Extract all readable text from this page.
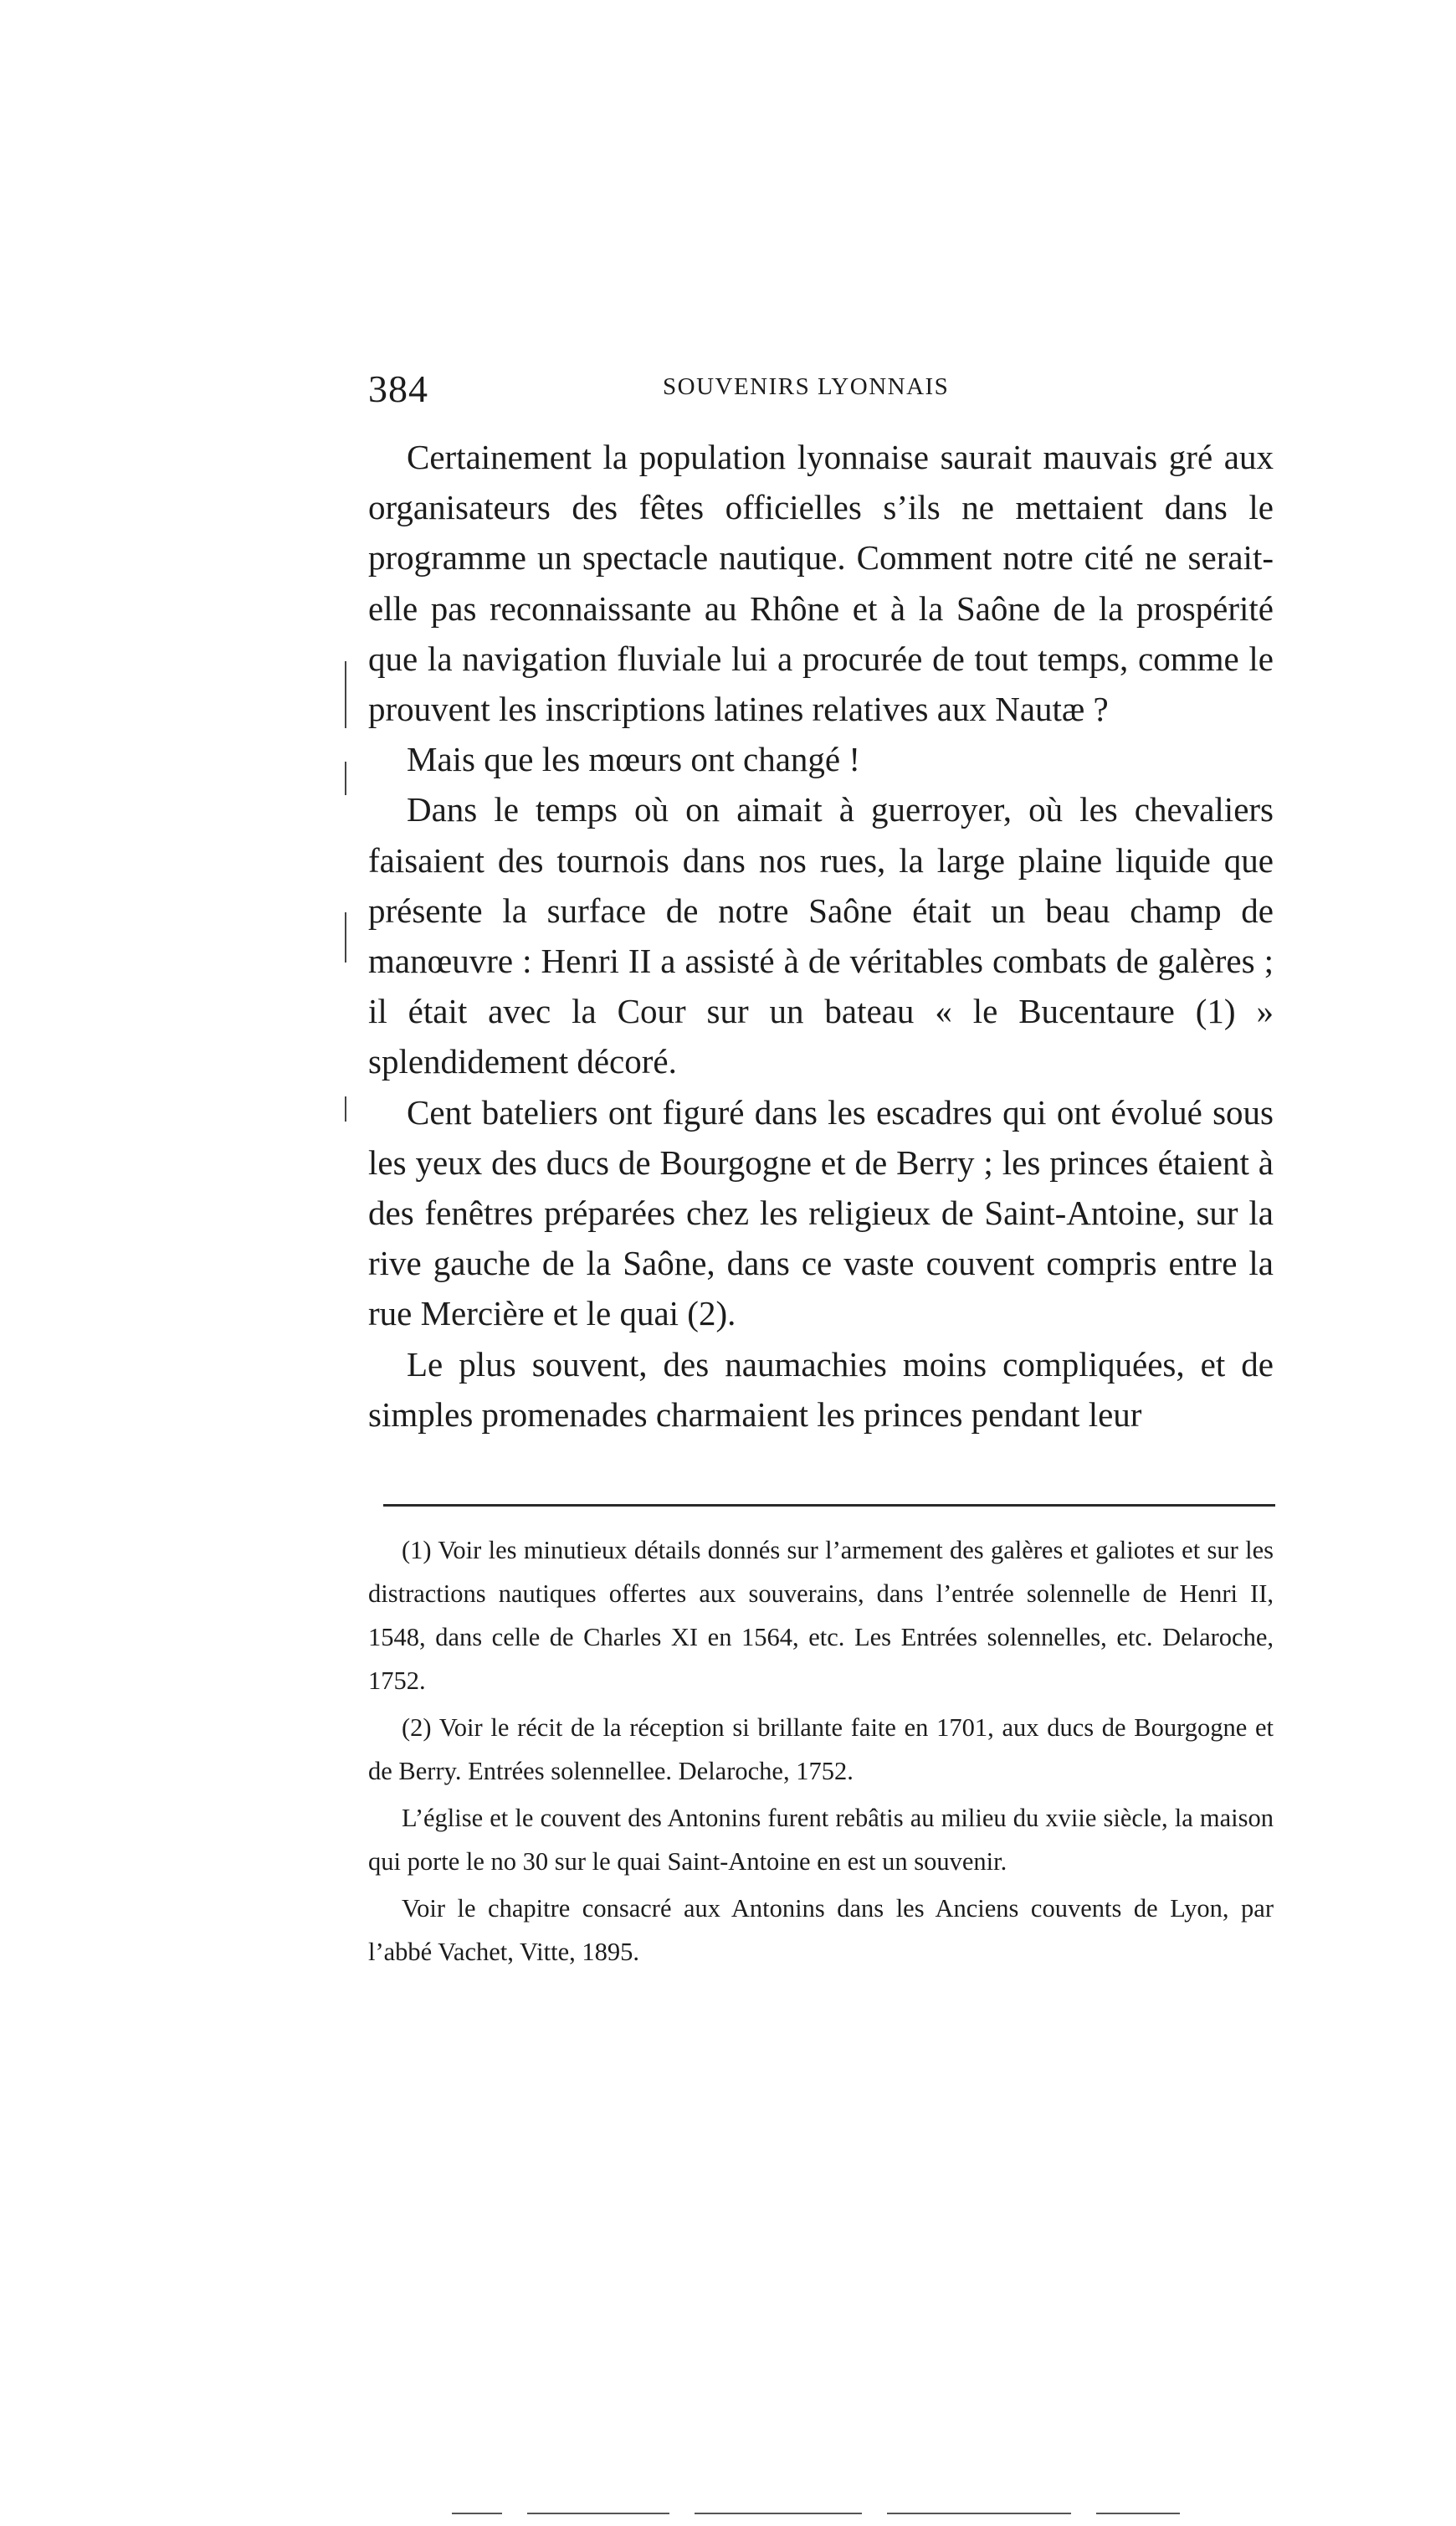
384	SOUVENIRS LYONNAIS

Certainement la population lyonnaise saurait mauvais gré aux organisateurs des fêtes officielles s’ils ne mettaient dans le programme un spectacle nautique. Comment notre cité ne serait-elle pas reconnaissante au Rhône et à la Saône de la prospérité que la navigation fluviale lui a procurée de tout temps, comme le prouvent les inscriptions latines relatives aux Nautæ ?

Mais que les mœurs ont changé !

Dans le temps où on aimait à guerroyer, où les chevaliers faisaient des tournois dans nos rues, la large plaine liquide que présente la surface de notre Saône était un beau champ de manœuvre : Henri II a assisté à de véritables combats de galères ; il était avec la Cour sur un bateau « le Bucentaure (1) » splendidement décoré.

Cent bateliers ont figuré dans les escadres qui ont évolué sous les yeux des ducs de Bourgogne et de Berry ; les princes étaient à des fenêtres préparées chez les religieux de Saint-Antoine, sur la rive gauche de la Saône, dans ce vaste couvent compris entre la rue Mercière et le quai (2).

Le plus souvent, des naumachies moins compliquées, et de simples promenades charmaient les princes pendant leur

(1) Voir les minutieux détails donnés sur l’armement des galères et galiotes et sur les distractions nautiques offertes aux souverains, dans l’entrée solennelle de Henri II, 1548, dans celle de Charles XI en 1564, etc. Les Entrées solennelles, etc. Delaroche, 1752.

(2) Voir le récit de la réception si brillante faite en 1701, aux ducs de Bourgogne et de Berry. Entrées solennellee. Delaroche, 1752.

L’église et le couvent des Antonins furent rebâtis au milieu du xviie siècle, la maison qui porte le no 30 sur le quai Saint-Antoine en est un souvenir.

Voir le chapitre consacré aux Antonins dans les Anciens couvents de Lyon, par l’abbé Vachet, Vitte, 1895.
